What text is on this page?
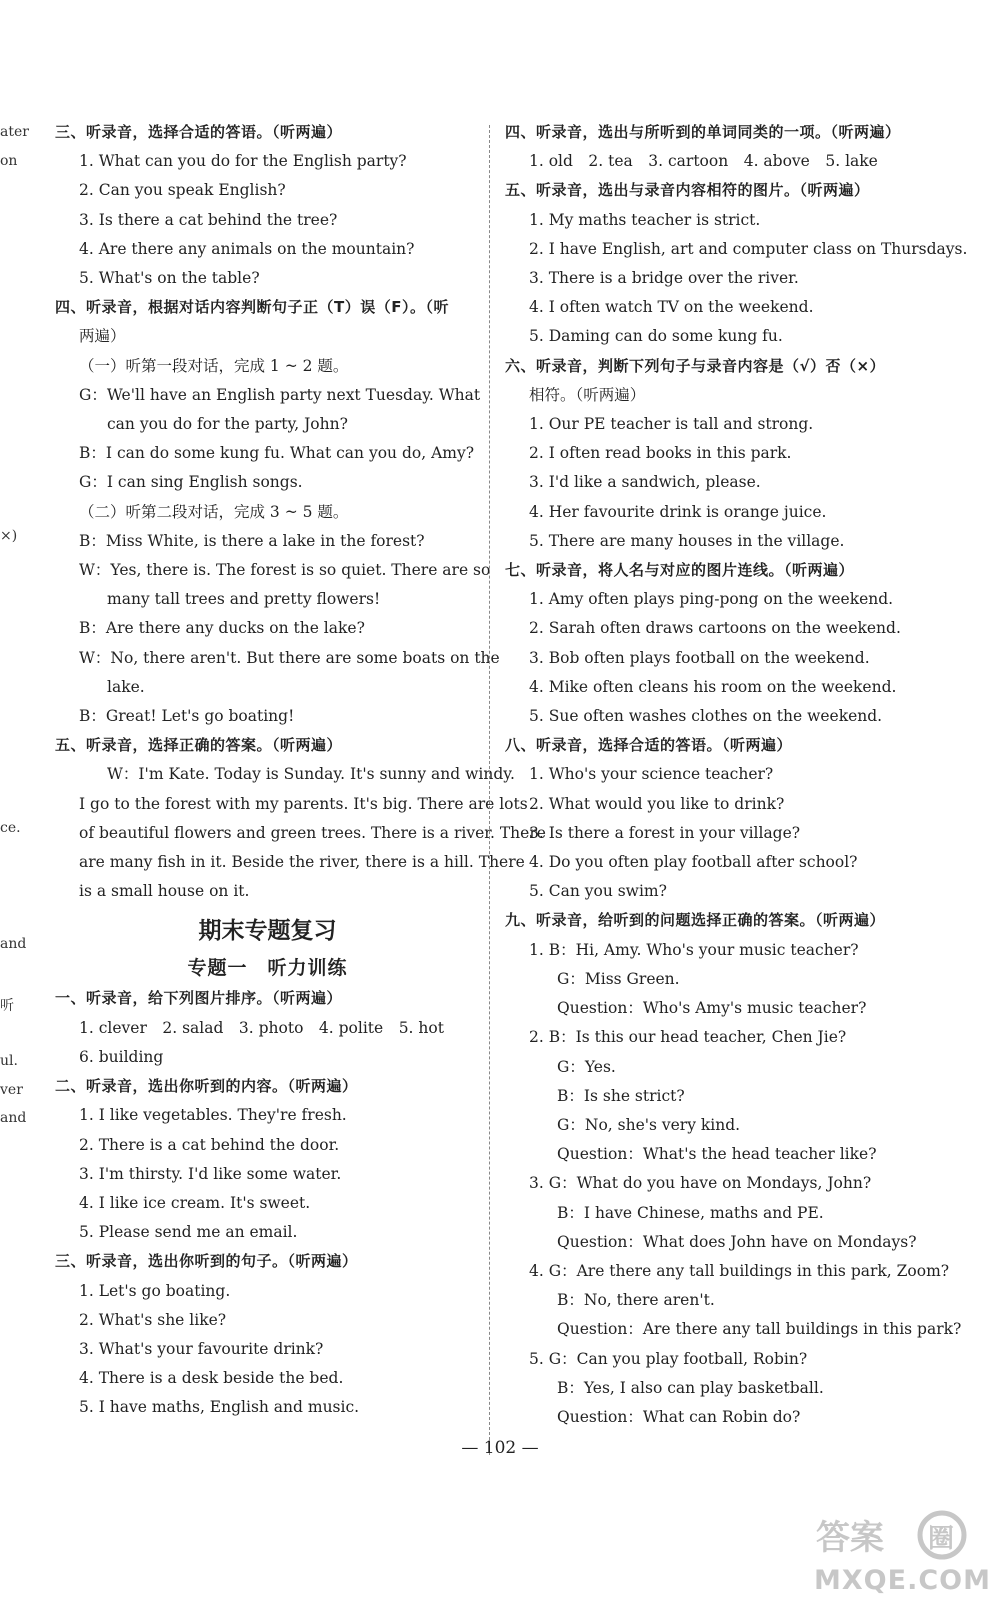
ater
on
×)
ce.
and
听
ul.
ver
and
三、听录音，选择合适的答语。（听两遍）
1. What can you do for the English party?
2. Can you speak English?
3. Is there a cat behind the tree?
4. Are there any animals on the mountain?
5. What's on the table?
四、听录音，根据对话内容判断句子正（T）误（F）。（听
两遍）
（一）听第一段对话，完成 1 ~ 2 题。
G：We'll have an English party next Tuesday. What
can you do for the party, John?
B：I can do some kung fu. What can you do, Amy?
G：I can sing English songs.
（二）听第二段对话，完成 3 ~ 5 题。
B：Miss White, is there a lake in the forest?
W：Yes, there is. The forest is so quiet. There are so
many tall trees and pretty flowers!
B：Are there any ducks on the lake?
W：No, there aren't. But there are some boats on the
lake.
B：Great! Let's go boating!
五、听录音，选择正确的答案。（听两遍）
W：I'm Kate. Today is Sunday. It's sunny and windy.
I go to the forest with my parents. It's big. There are lots
of beautiful flowers and green trees. There is a river. There
are many fish in it. Beside the river, there is a hill. There
is a small house on it.
期末专题复习
专题一　听力训练
一、听录音，给下列图片排序。（听两遍）
1. clever　2. salad　3. photo　4. polite　5. hot
6. building
二、听录音，选出你听到的内容。（听两遍）
1. I like vegetables. They're fresh.
2. There is a cat behind the door.
3. I'm thirsty. I'd like some water.
4. I like ice cream. It's sweet.
5. Please send me an email.
三、听录音，选出你听到的句子。（听两遍）
1. Let's go boating.
2. What's she like?
3. What's your favourite drink?
4. There is a desk beside the bed.
5. I have maths, English and music.
四、听录音，选出与所听到的单词同类的一项。（听两遍）
1. old　2. tea　3. cartoon　4. above　5. lake
五、听录音，选出与录音内容相符的图片。（听两遍）
1. My maths teacher is strict.
2. I have English, art and computer class on Thursdays.
3. There is a bridge over the river.
4. I often watch TV on the weekend.
5. Daming can do some kung fu.
六、听录音，判断下列句子与录音内容是（√）否（×）
相符。（听两遍）
1. Our PE teacher is tall and strong.
2. I often read books in this park.
3. I'd like a sandwich, please.
4. Her favourite drink is orange juice.
5. There are many houses in the village.
七、听录音，将人名与对应的图片连线。（听两遍）
1. Amy often plays ping-pong on the weekend.
2. Sarah often draws cartoons on the weekend.
3. Bob often plays football on the weekend.
4. Mike often cleans his room on the weekend.
5. Sue often washes clothes on the weekend.
八、听录音，选择合适的答语。（听两遍）
1. Who's your science teacher?
2. What would you like to drink?
3. Is there a forest in your village?
4. Do you often play football after school?
5. Can you swim?
九、听录音，给听到的问题选择正确的答案。（听两遍）
1. B：Hi, Amy. Who's your music teacher?
G：Miss Green.
Question：Who's Amy's music teacher?
2. B：Is this our head teacher, Chen Jie?
G：Yes.
B：Is she strict?
G：No, she's very kind.
Question：What's the head teacher like?
3. G：What do you have on Mondays, John?
B：I have Chinese, maths and PE.
Question：What does John have on Mondays?
4. G：Are there any tall buildings in this park, Zoom?
B：No, there aren't.
Question：Are there any tall buildings in this park?
5. G：Can you play football, Robin?
B：Yes, I also can play basketball.
Question：What can Robin do?
— 102 —
答案 圈
MXQE.COM
